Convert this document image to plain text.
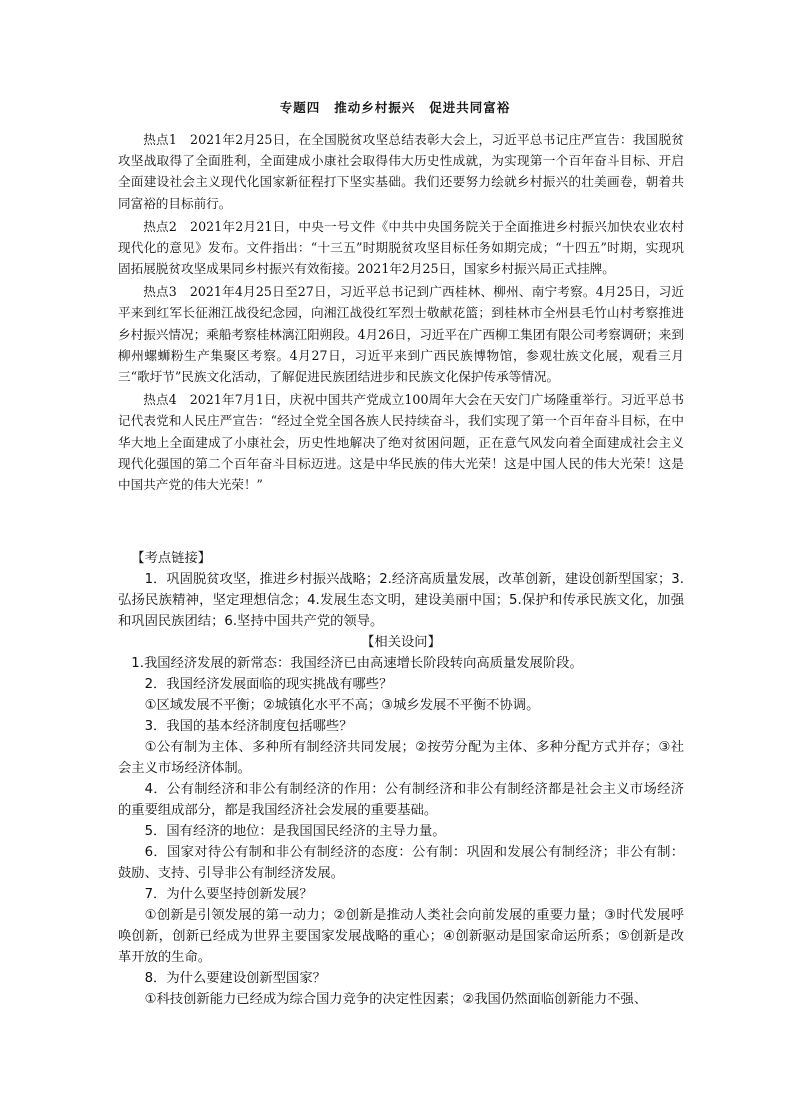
专题四 推动乡村振兴 促进共同富裕

热点1　2021年2月25日，在全国脱贫攻坚总结表彰大会上，习近平总书记庄严宣告：我国脱贫攻坚战取得了全面胜利，全面建成小康社会取得伟大历史性成就，为实现第一个百年奋斗目标、开启全面建设社会主义现代化国家新征程打下坚实基础。我们还要努力绘就乡村振兴的壮美画卷，朝着共同富裕的目标前行。

热点2　2021年2月21日，中央一号文件《中共中央国务院关于全面推进乡村振兴加快农业农村现代化的意见》发布。文件指出：“十三五”时期脱贫攻坚目标任务如期完成；“十四五”时期，实现巩固拓展脱贫攻坚成果同乡村振兴有效衔接。2021年2月25日，国家乡村振兴局正式挂牌。

热点3　2021年4月25日至27日，习近平总书记到广西桂林、柳州、南宁考察。4月25日，习近平来到红军长征湘江战役纪念园，向湘江战役红军烈士敬献花篮；到桂林市全州县毛竹山村考察推进乡村振兴情况；乘船考察桂林漓江阳朔段。4月26日，习近平在广西柳工集团有限公司考察调研；来到柳州螺蛳粉生产集聚区考察。4月27日，习近平来到广西民族博物馆，参观壮族文化展，观看三月三“歌圩节”民族文化活动，了解促进民族团结进步和民族文化保护传承等情况。

热点4　2021年7月1日，庆祝中国共产党成立100周年大会在天安门广场隆重举行。习近平总书记代表党和人民庄严宣告：“经过全党全国各族人民持续奋斗，我们实现了第一个百年奋斗目标，在中华大地上全面建成了小康社会，历史性地解决了绝对贫困问题，正在意气风发向着全面建成社会主义现代化强国的第二个百年奋斗目标迈进。这是中华民族的伟大光荣！这是中国人民的伟大光荣！这是中国共产党的伟大光荣！”

【考点链接】

1．巩固脱贫攻坚，推进乡村振兴战略；2.经济高质量发展，改革创新，建设创新型国家；3.弘扬民族精神，坚定理想信念；4.发展生态文明，建设美丽中国；5.保护和传承民族文化，加强和巩固民族团结；6.坚持中国共产党的领导。

【相关设问】

1.我国经济发展的新常态：我国经济已由高速增长阶段转向高质量发展阶段。

2．我国经济发展面临的现实挑战有哪些？

①区域发展不平衡；②城镇化水平不高；③城乡发展不平衡不协调。

3．我国的基本经济制度包括哪些？

①公有制为主体、多种所有制经济共同发展；②按劳分配为主体、多种分配方式并存；③社会主义市场经济体制。

4．公有制经济和非公有制经济的作用：公有制经济和非公有制经济都是社会主义市场经济的重要组成部分，都是我国经济社会发展的重要基础。

5．国有经济的地位：是我国国民经济的主导力量。

6．国家对待公有制和非公有制经济的态度：公有制：巩固和发展公有制经济；非公有制：鼓励、支持、引导非公有制经济发展。

7．为什么要坚持创新发展？

①创新是引领发展的第一动力；②创新是推动人类社会向前发展的重要力量；③时代发展呼唤创新，创新已经成为世界主要国家发展战略的重心；④创新驱动是国家命运所系；⑤创新是改革开放的生命。

8．为什么要建设创新型国家？

①科技创新能力已经成为综合国力竞争的决定性因素；②我国仍然面临创新能力不强、
